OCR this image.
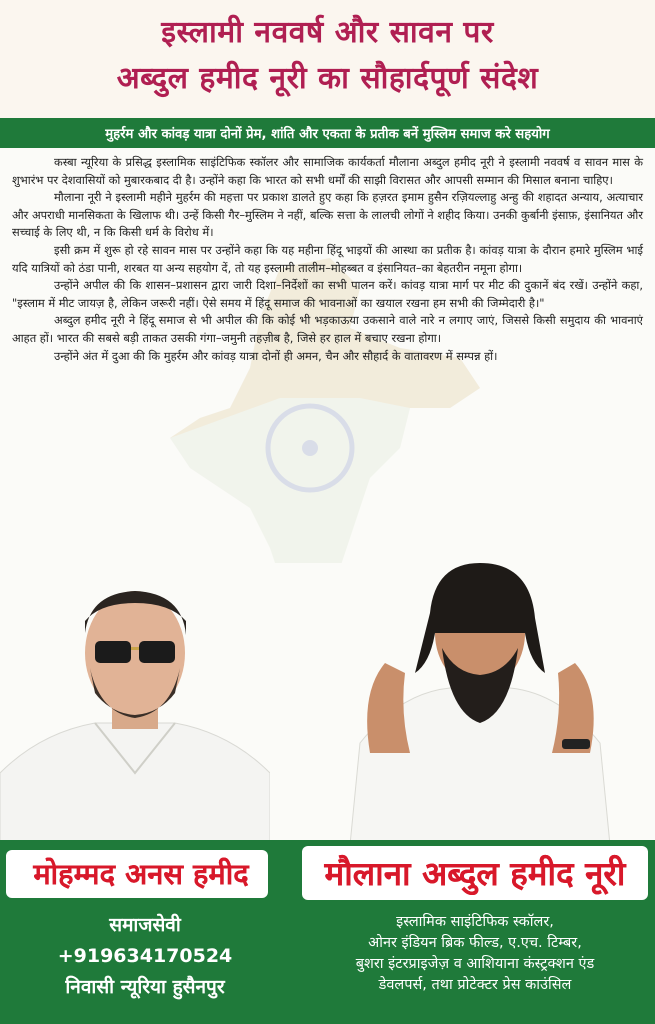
इस्लामी नववर्ष और सावन पर
अब्दुल हमीद नूरी का सौहार्दपूर्ण संदेश
मुहर्रम और कांवड़ यात्रा दोनों प्रेम, शांति और एकता के प्रतीक बनें मुस्लिम समाज करे सहयोग

कस्बा न्यूरिया के प्रसिद्ध इस्लामिक साइंटिफिक स्कॉलर और सामाजिक कार्यकर्ता मौलाना अब्दुल हमीद नूरी ने इस्लामी नववर्ष व सावन मास के शुभारंभ पर देशवासियों को मुबारकबाद दी है। उन्होंने कहा कि भारत को सभी धर्मों की साझी विरासत और आपसी सम्मान की मिसाल बनाना चाहिए।

मौलाना नूरी ने इस्लामी महीने मुहर्रम की महत्ता पर प्रकाश डालते हुए कहा कि हज़रत इमाम हुसैन रज़ियल्लाहु अन्हु की शहादत अन्याय, अत्याचार और अपराधी मानसिकता के खिलाफ थी। उन्हें किसी गैर–मुस्लिम ने नहीं, बल्कि सत्ता के लालची लोगों ने शहीद किया। उनकी कुर्बानी इंसाफ़, इंसानियत और सच्चाई के लिए थी, न कि किसी धर्म के विरोध में।

इसी क्रम में शुरू हो रहे सावन मास पर उन्होंने कहा कि यह महीना हिंदू भाइयों की आस्था का प्रतीक है। कांवड़ यात्रा के दौरान हमारे मुस्लिम भाई यदि यात्रियों को ठंडा पानी, शरबत या अन्य सहयोग दें, तो यह इस्लामी तालीम–मोहब्बत व इंसानियत–का बेहतरीन नमूना होगा।

उन्होंने अपील की कि शासन–प्रशासन द्वारा जारी दिशा–निर्देशों का सभी पालन करें। कांवड़ यात्रा मार्ग पर मीट की दुकानें बंद रखें। उन्होंने कहा, "इस्लाम में मीट जायज़ है, लेकिन जरूरी नहीं। ऐसे समय में हिंदू समाज की भावनाओं का खयाल रखना हम सभी की जिम्मेदारी है।"

अब्दुल हमीद नूरी ने हिंदू समाज से भी अपील की कि कोई भी भड़काऊया उकसाने वाले नारे न लगाए जाएं, जिससे किसी समुदाय की भावनाएं आहत हों। भारत की सबसे बड़ी ताकत उसकी गंगा–जमुनी तहज़ीब है, जिसे हर हाल में बचाए रखना होगा।

उन्होंने अंत में दुआ की कि मुहर्रम और कांवड़ यात्रा दोनों ही अमन, चैन और सौहार्द के वातावरण में सम्पन्न हों।

मोहम्मद अनस हमीद	मौलाना अब्दुल हमीद नूरी
समाजसेवी
+919634170524
निवासी न्यूरिया हुसैनपुर
इस्लामिक साइंटिफिक स्कॉलर,
ओनर इंडियन ब्रिक फील्ड, ए.एच. टिम्बर,
बुशरा इंटरप्राइजेज़ व आशियाना कंस्ट्रक्शन एंड
डेवलपर्स, तथा प्रोटेक्टर प्रेस काउंसिल
